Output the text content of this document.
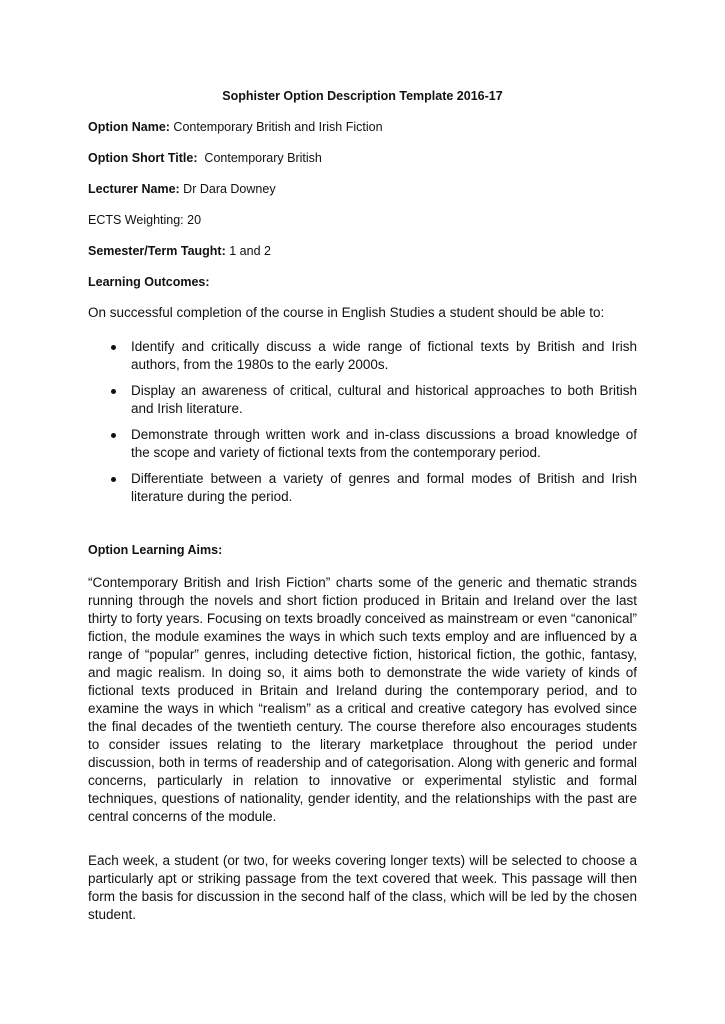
Sophister Option Description Template 2016-17
Option Name: Contemporary British and Irish Fiction
Option Short Title:  Contemporary British
Lecturer Name: Dr Dara Downey
ECTS Weighting: 20
Semester/Term Taught: 1 and 2
Learning Outcomes:
On successful completion of the course in English Studies a student should be able to:
Identify and critically discuss a wide range of fictional texts by British and Irish authors, from the 1980s to the early 2000s.
Display an awareness of critical, cultural and historical approaches to both British and Irish literature.
Demonstrate through written work and in-class discussions a broad knowledge of the scope and variety of fictional texts from the contemporary period.
Differentiate between a variety of genres and formal modes of British and Irish literature during the period.
Option Learning Aims:
“Contemporary British and Irish Fiction” charts some of the generic and thematic strands running through the novels and short fiction produced in Britain and Ireland over the last thirty to forty years. Focusing on texts broadly conceived as mainstream or even “canonical” fiction, the module examines the ways in which such texts employ and are influenced by a range of “popular” genres, including detective fiction, historical fiction, the gothic, fantasy, and magic realism. In doing so, it aims both to demonstrate the wide variety of kinds of fictional texts produced in Britain and Ireland during the contemporary period, and to examine the ways in which “realism” as a critical and creative category has evolved since the final decades of the twentieth century. The course therefore also encourages students to consider issues relating to the literary marketplace throughout the period under discussion, both in terms of readership and of categorisation. Along with generic and formal concerns, particularly in relation to innovative or experimental stylistic and formal techniques, questions of nationality, gender identity, and the relationships with the past are central concerns of the module.
Each week, a student (or two, for weeks covering longer texts) will be selected to choose a particularly apt or striking passage from the text covered that week. This passage will then form the basis for discussion in the second half of the class, which will be led by the chosen student.
